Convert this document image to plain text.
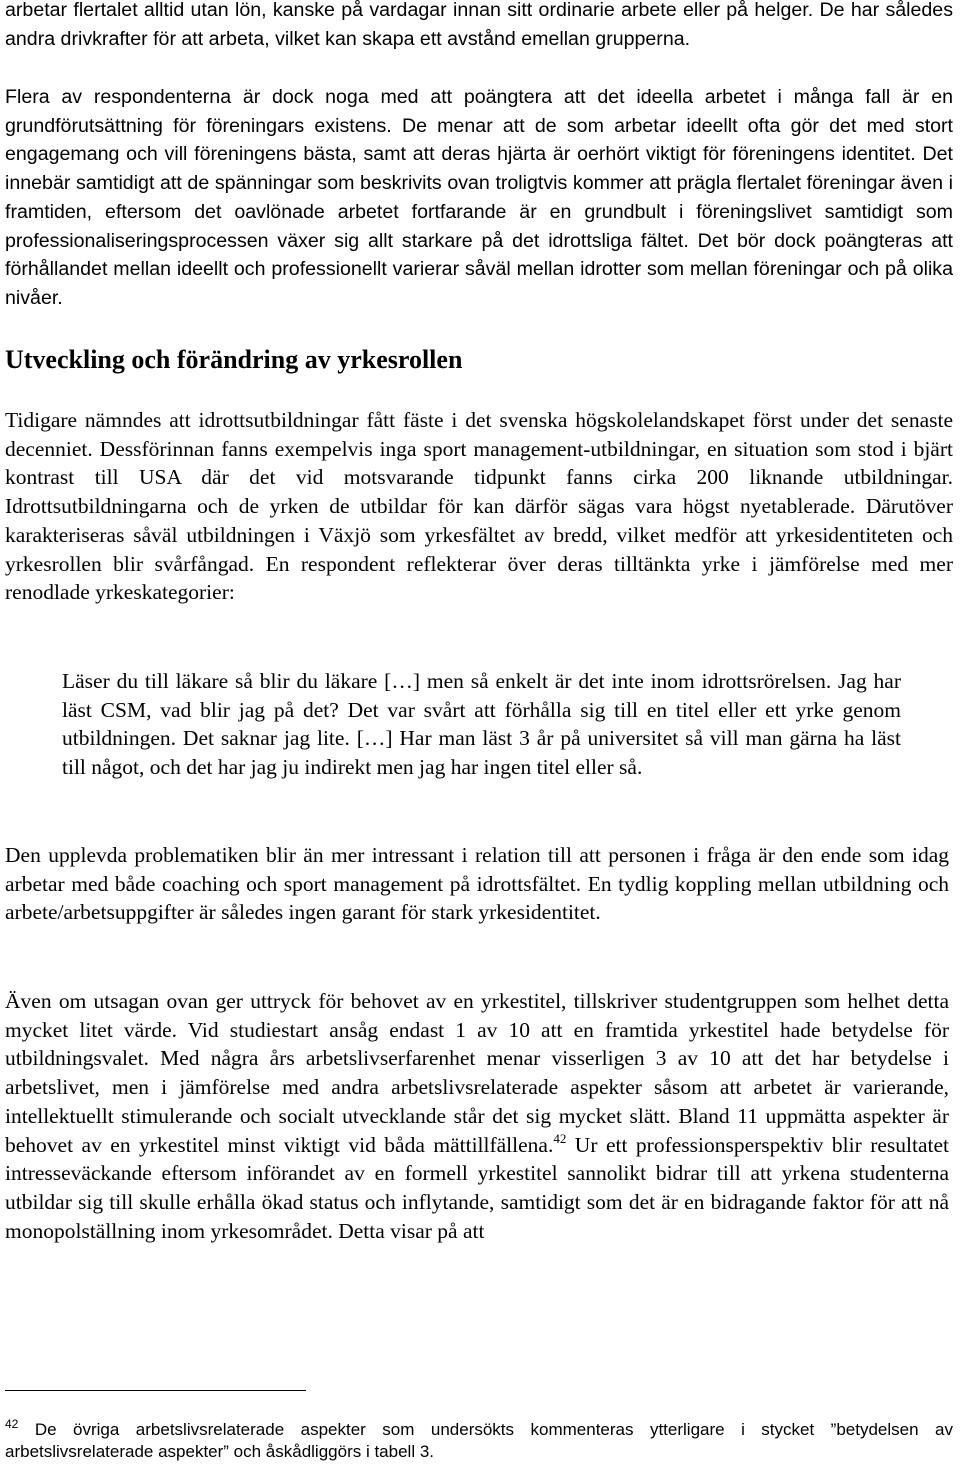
arbetar flertalet alltid utan lön, kanske på vardagar innan sitt ordinarie arbete eller på helger. De har således andra drivkrafter för att arbeta, vilket kan skapa ett avstånd emellan grupperna.

Flera av respondenterna är dock noga med att poängtera att det ideella arbetet i många fall är en grundförutsättning för föreningars existens. De menar att de som arbetar ideellt ofta gör det med stort engagemang och vill föreningens bästa, samt att deras hjärta är oerhört viktigt för föreningens identitet. Det innebär samtidigt att de spänningar som beskrivits ovan troligtvis kommer att prägla flertalet föreningar även i framtiden, eftersom det oavlönade arbetet fortfarande är en grundbult i föreningslivet samtidigt som professionaliseringsprocessen växer sig allt starkare på det idrottsliga fältet. Det bör dock poängteras att förhållandet mellan ideellt och professionellt varierar såväl mellan idrotter som mellan föreningar och på olika nivåer.

Utveckling och förändring av yrkesrollen

Tidigare nämndes att idrottsutbildningar fått fäste i det svenska högskolelandskapet först under det senaste decenniet. Dessförinnan fanns exempelvis inga sport management-utbildningar, en situation som stod i bjärt kontrast till USA där det vid motsvarande tidpunkt fanns cirka 200 liknande utbildningar. Idrottsutbildningarna och de yrken de utbildar för kan därför sägas vara högst nyetablerade. Därutöver karakteriseras såväl utbildningen i Växjö som yrkesfältet av bredd, vilket medför att yrkesidentiteten och yrkesrollen blir svårfångad. En respondent reflekterar över deras tilltänkta yrke i jämförelse med mer renodlade yrkeskategorier:

Läser du till läkare så blir du läkare […] men så enkelt är det inte inom idrottsrörelsen. Jag har läst CSM, vad blir jag på det? Det var svårt att förhålla sig till en titel eller ett yrke genom utbildningen. Det saknar jag lite. […] Har man läst 3 år på universitet så vill man gärna ha läst till något, och det har jag ju indirekt men jag har ingen titel eller så.

Den upplevda problematiken blir än mer intressant i relation till att personen i fråga är den ende som idag arbetar med både coaching och sport management på idrottsfältet. En tydlig koppling mellan utbildning och arbete/arbetsuppgifter är således ingen garant för stark yrkesidentitet.

Även om utsagan ovan ger uttryck för behovet av en yrkestitel, tillskriver studentgruppen som helhet detta mycket litet värde. Vid studiestart ansåg endast 1 av 10 att en framtida yrkestitel hade betydelse för utbildningsvalet. Med några års arbetslivserfarenhet menar visserligen 3 av 10 att det har betydelse i arbetslivet, men i jämförelse med andra arbetslivsrelaterade aspekter såsom att arbetet är varierande, intellektuellt stimulerande och socialt utvecklande står det sig mycket slätt. Bland 11 uppmätta aspekter är behovet av en yrkestitel minst viktigt vid båda mättillfällena.$^{42}$ Ur ett professionsperspektiv blir resultatet intresseväckande eftersom införandet av en formell yrkestitel sannolikt bidrar till att yrkena studenterna utbildar sig till skulle erhålla ökad status och inflytande, samtidigt som det är en bidragande faktor för att nå monopolställning inom yrkesområdet. Detta visar på att

$^{42}$ De övriga arbetslivsrelaterade aspekter som undersökts kommenteras ytterligare i stycket ”betydelsen av arbetslivsrelaterade aspekter” och åskådliggörs i tabell 3.
